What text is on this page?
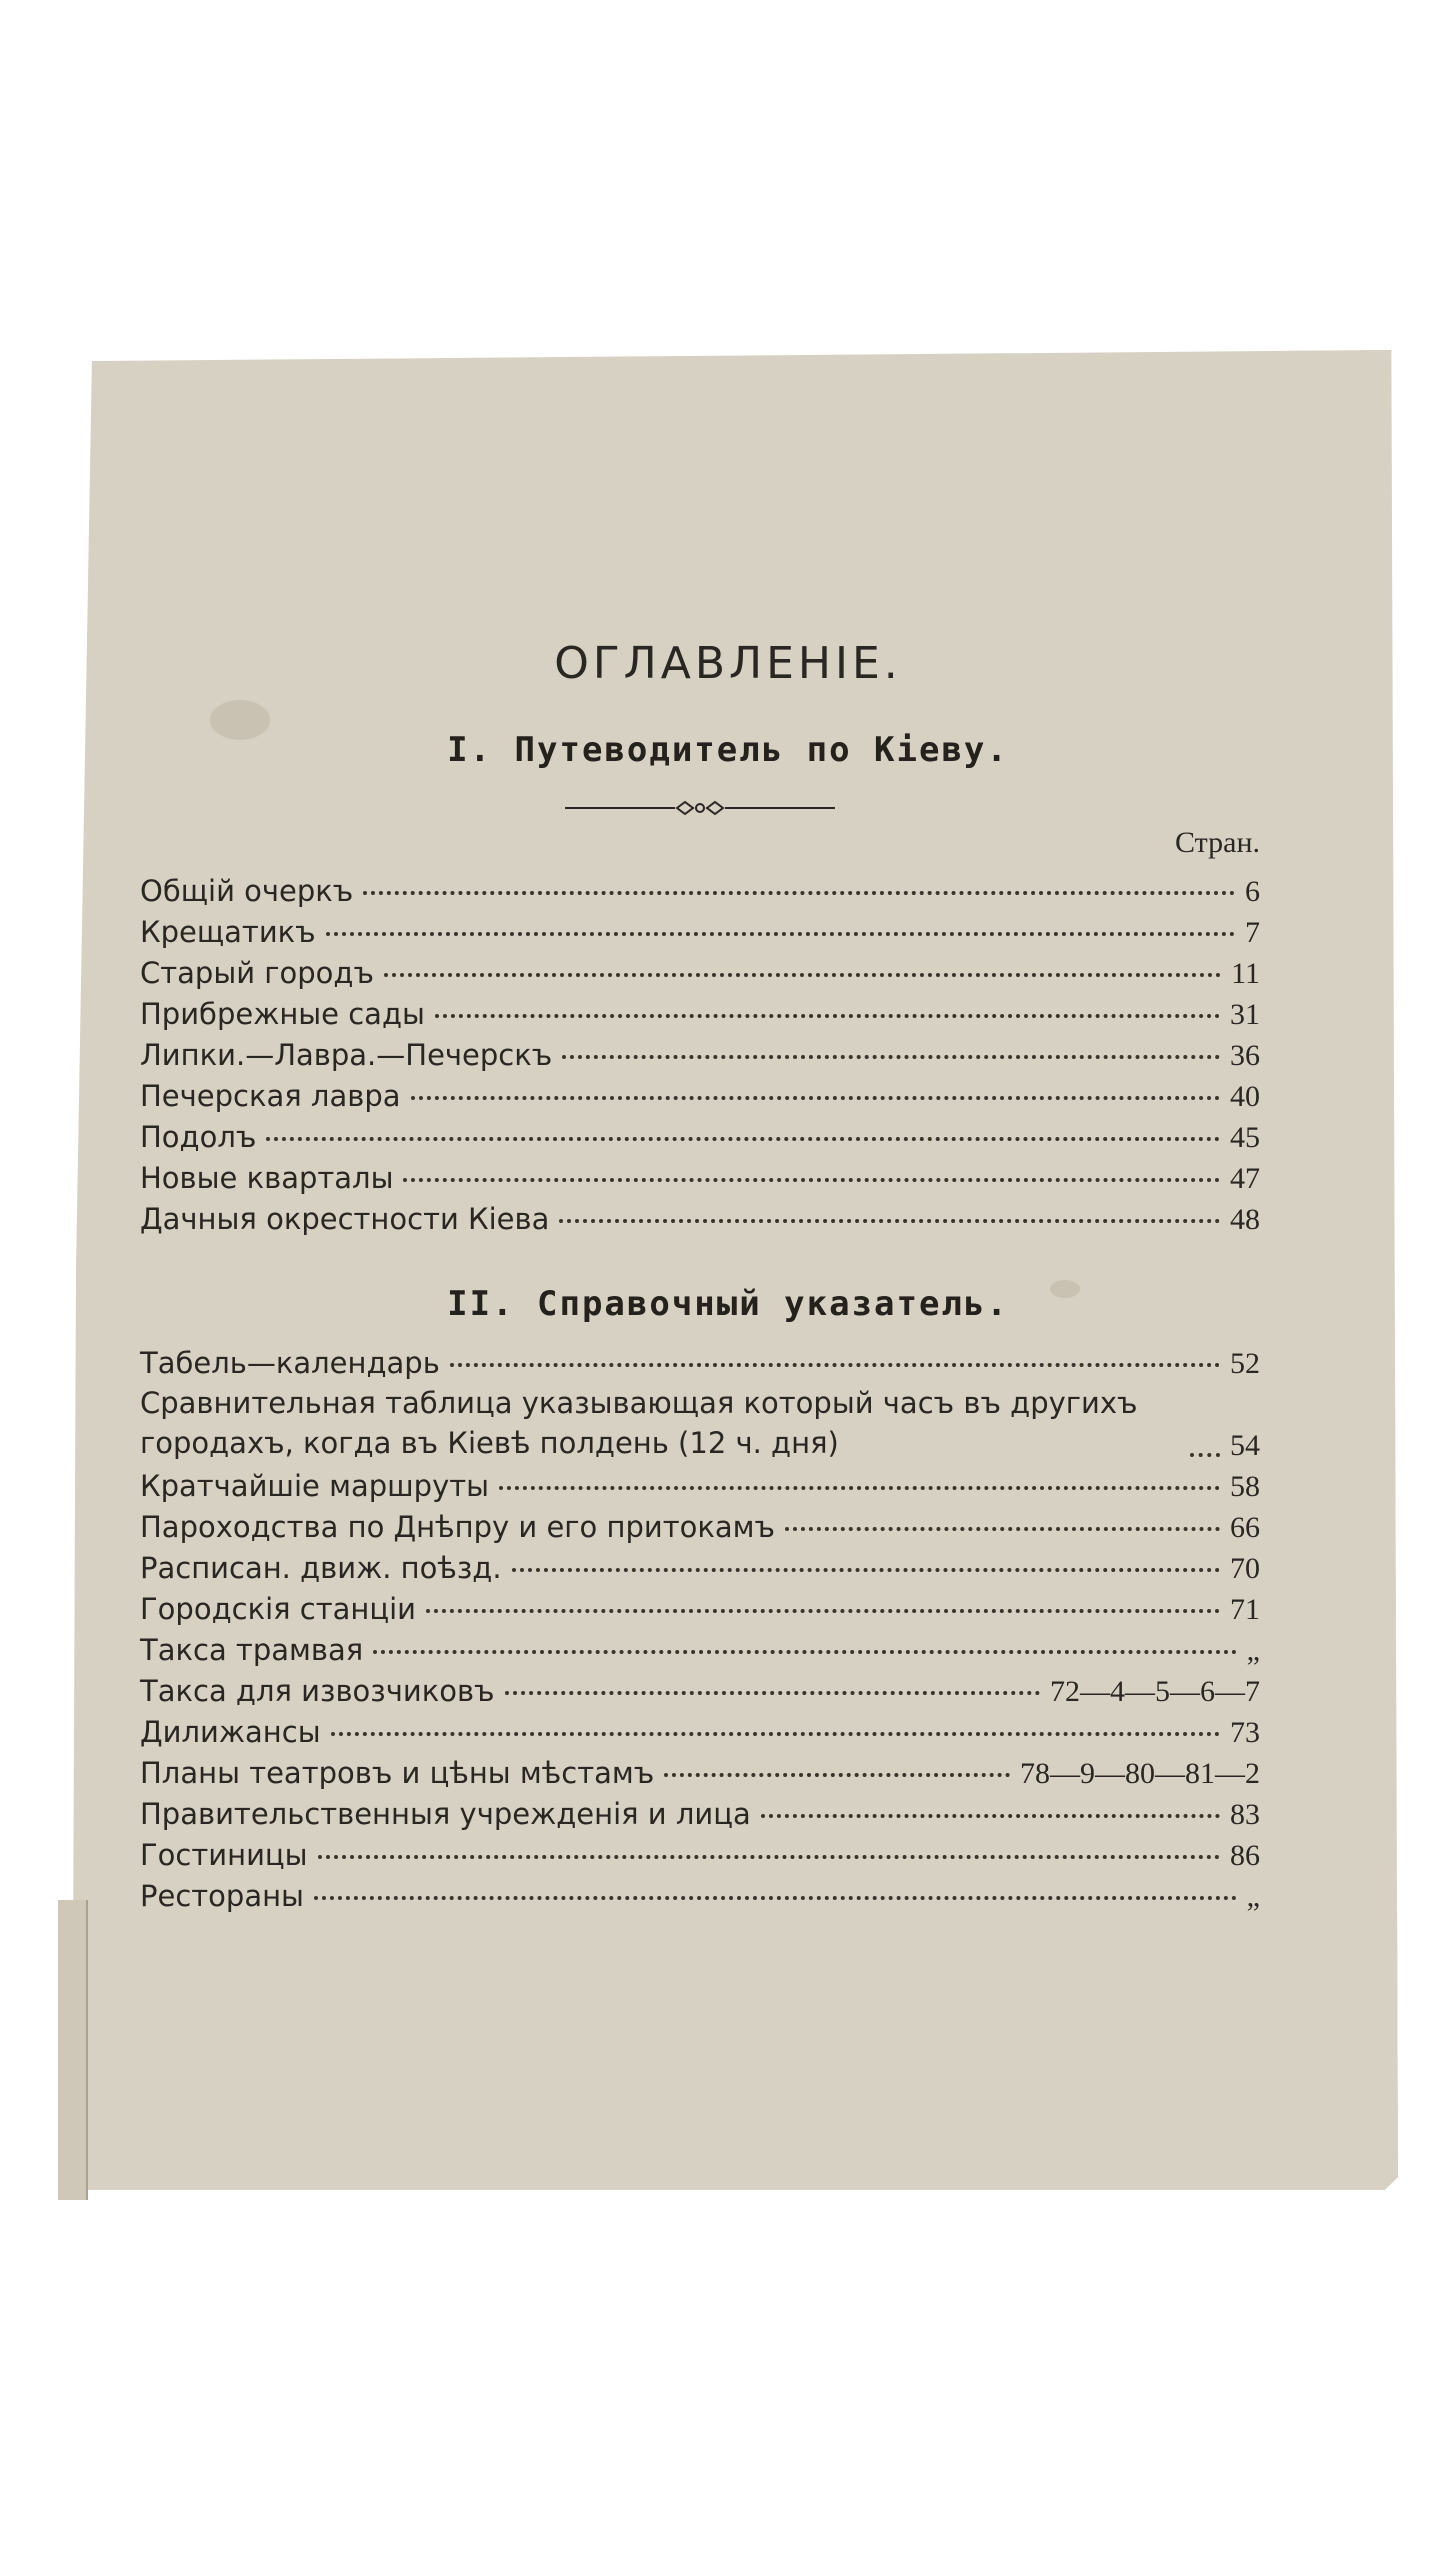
ОГЛАВЛЕНIЕ.
I. Путеводитель по Кiеву.
Стран.
Общiй очеркъ	6
Крещатикъ	7
Старый городъ	11
Прибрежные сады	31
Липки.—Лавра.—Печерскъ	36
Печерская лавра	40
Подолъ	45
Новые кварталы	47
Дачныя окрестности Кiева	48
II. Справочный указатель.
Табель—календарь	52
Сравнительная таблица указывающая который часъ въ другихъ городахъ, когда въ Кiевѣ полдень (12 ч. дня)	54
Кратчайшiе маршруты	58
Пароходства по Днѣпру и его притокамъ	66
Расписан. движ. поѣзд.	70
Городскiя станцiи	71
Такса трамвая	„
Такса для извозчиковъ	72—4—5—6—7
Дилижансы	73
Планы театровъ и цѣны мѣстамъ	78—9—80—81—2
Правительственныя учрежденiя и лица	83
Гостиницы	86
Рестораны	„
